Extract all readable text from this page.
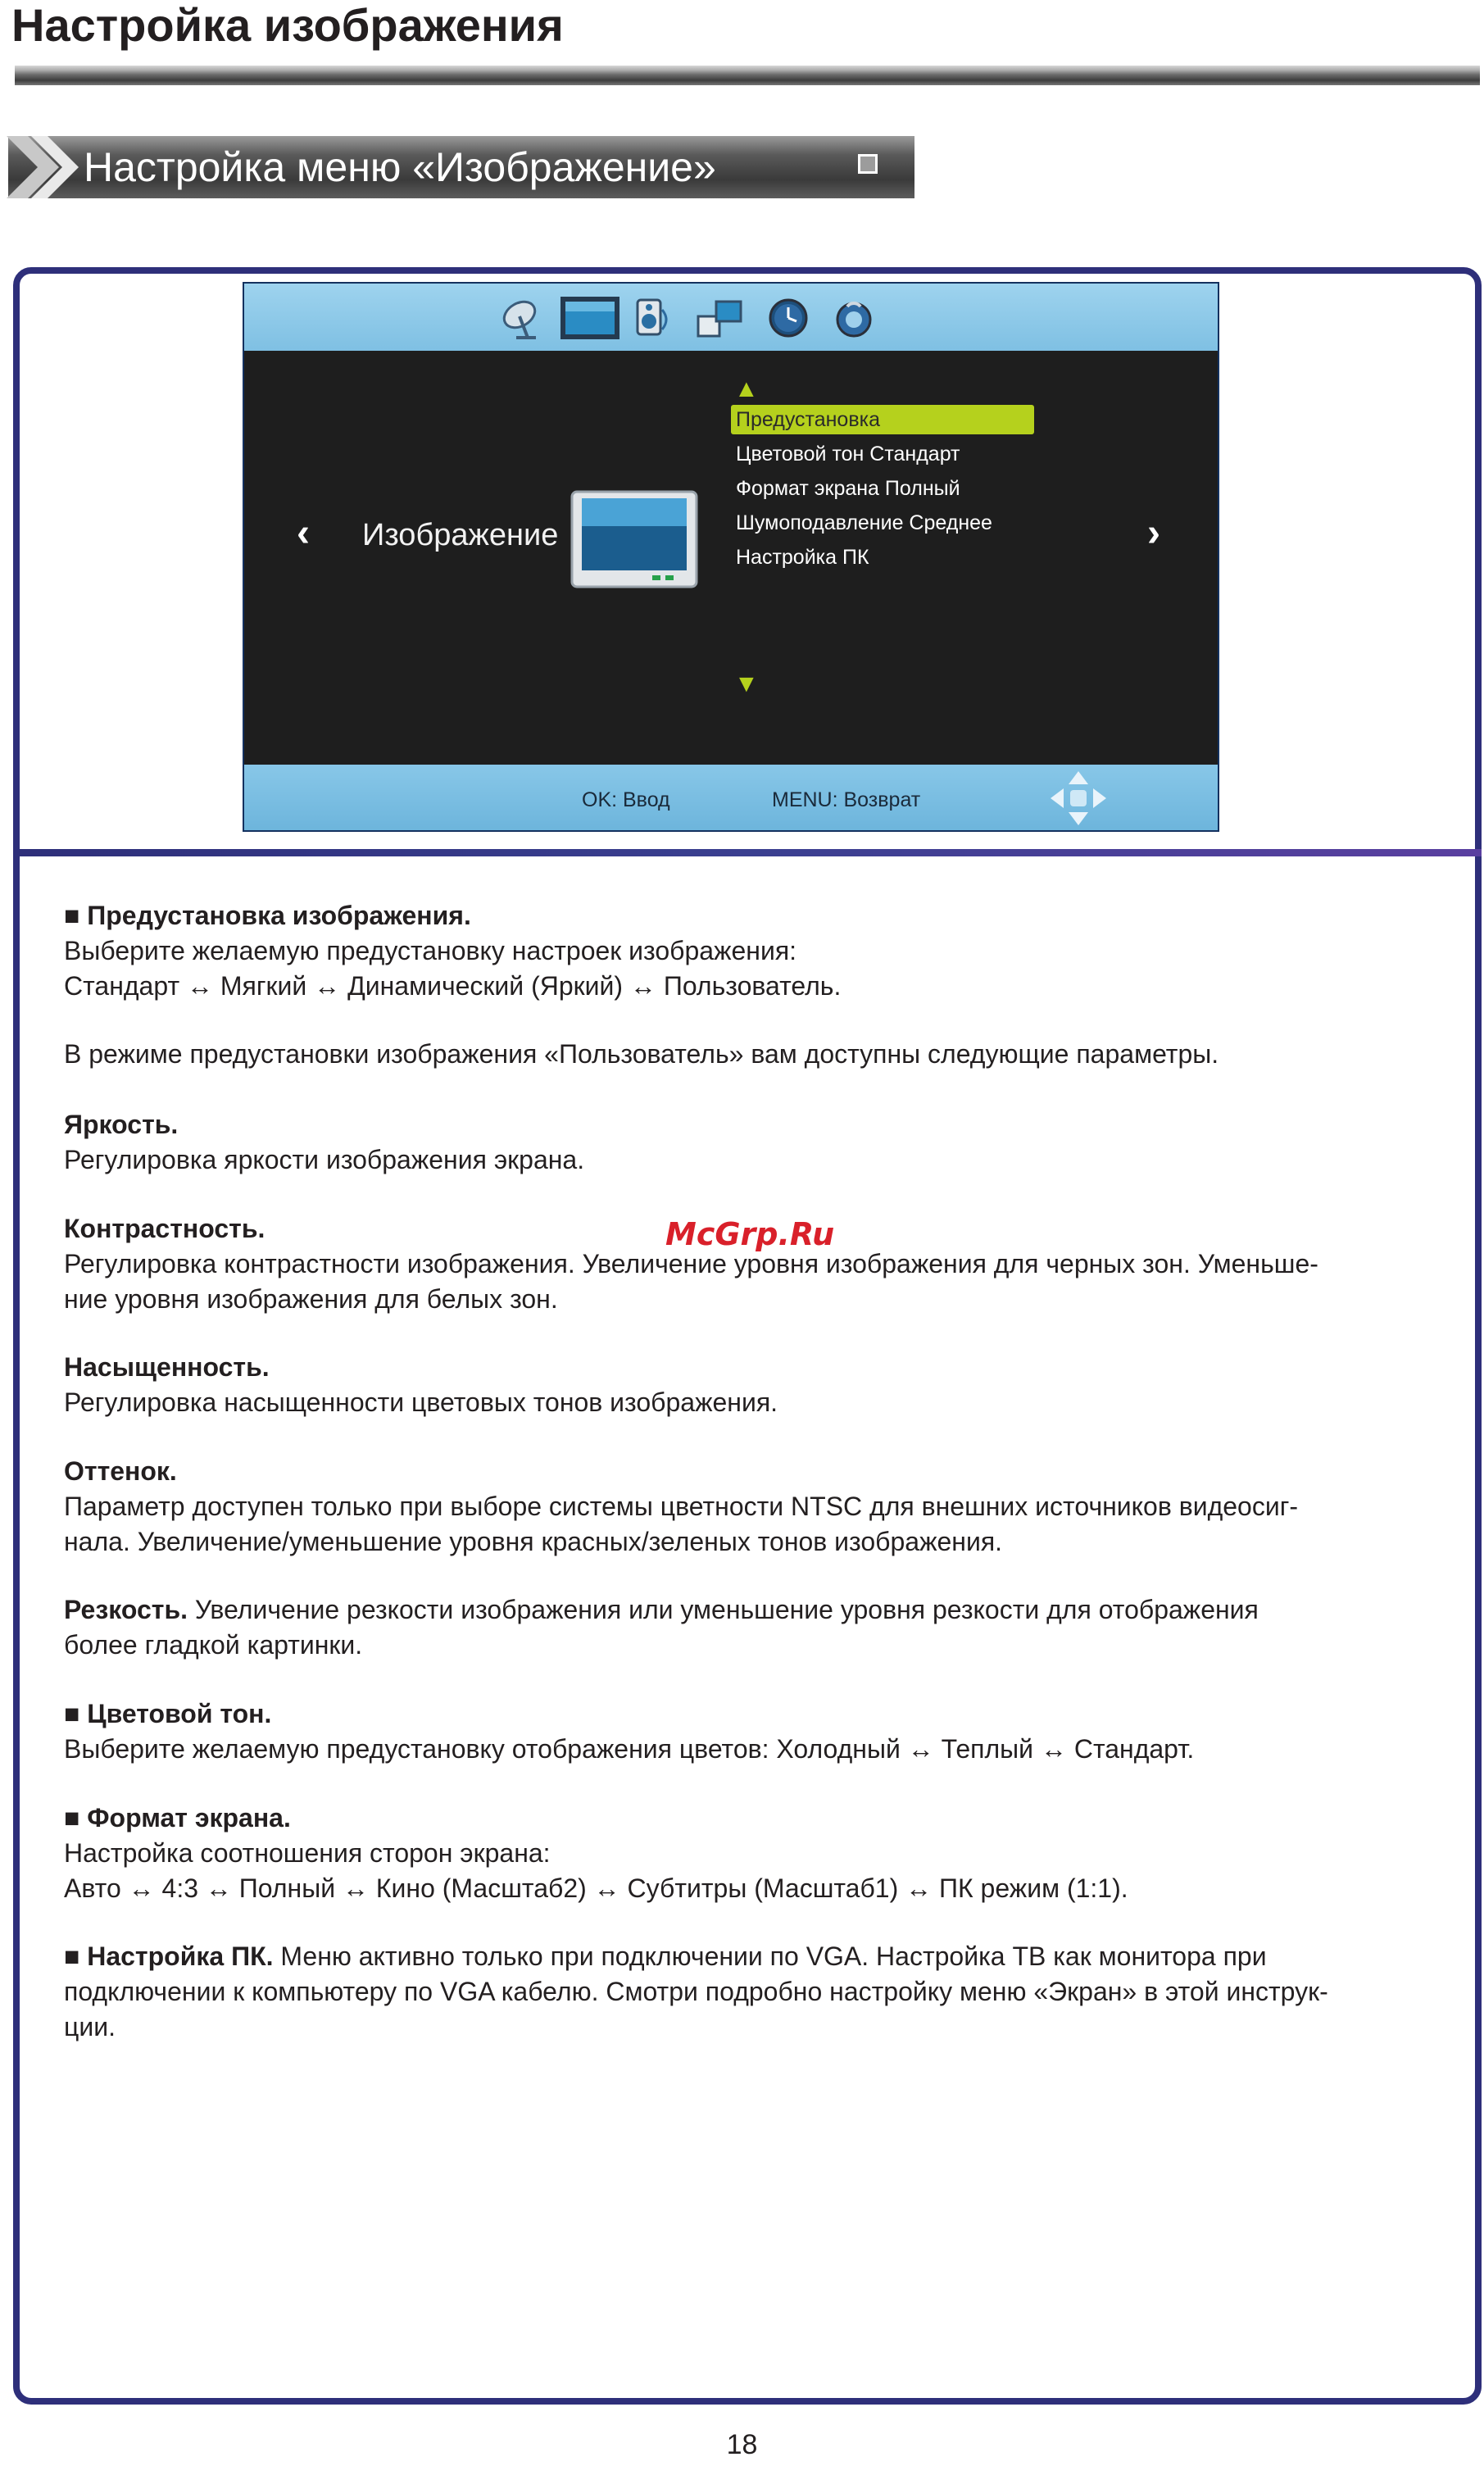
Настройка изображения
Настройка меню «Изображение»
‹ Изображение
▲
Предустановка
Цветовой тон Стандарт
Формат экрана Полный
Шумоподавление Среднее
Настройка ПК
▼
›
OK: Ввод	MENU: Возврат

■ Предустановка изображения.

Выберите желаемую предустановку настроек изображения:

Стандарт ↔ Мягкий ↔ Динамический (Яркий) ↔ Пользователь.

В режиме предустановки изображения «Пользователь» вам доступны следующие параметры.

Яркость.

Регулировка яркости изображения экрана.

Контрастность.

Регулировка контрастности изображения. Увеличение уровня изображения для черных зон. Уменьше-

ние уровня изображения для белых зон.

Насыщенность.

Регулировка насыщенности цветовых тонов изображения.

Оттенок.

Параметр доступен только при выборе системы цветности NTSC для внешних источников видеосиг-

нала. Увеличение/уменьшение уровня красных/зеленых тонов изображения.

Резкость. Увеличение резкости изображения или уменьшение уровня резкости для отображения

более гладкой картинки.

■ Цветовой тон.

Выберите желаемую предустановку отображения цветов: Холодный ↔ Теплый ↔ Стандарт.

■ Формат экрана.

Настройка соотношения сторон экрана:

Авто ↔ 4:3 ↔ Полный ↔ Кино (Масштаб2) ↔ Субтитры (Масштаб1) ↔ ПК режим (1:1).

■ Настройка ПК. Меню активно только при подключении по VGA. Настройка ТВ как монитора при

подключении к компьютеру по VGA кабелю. Смотри подробно настройку меню «Экран» в этой инструк-

ции.

McGrp.Ru
18
